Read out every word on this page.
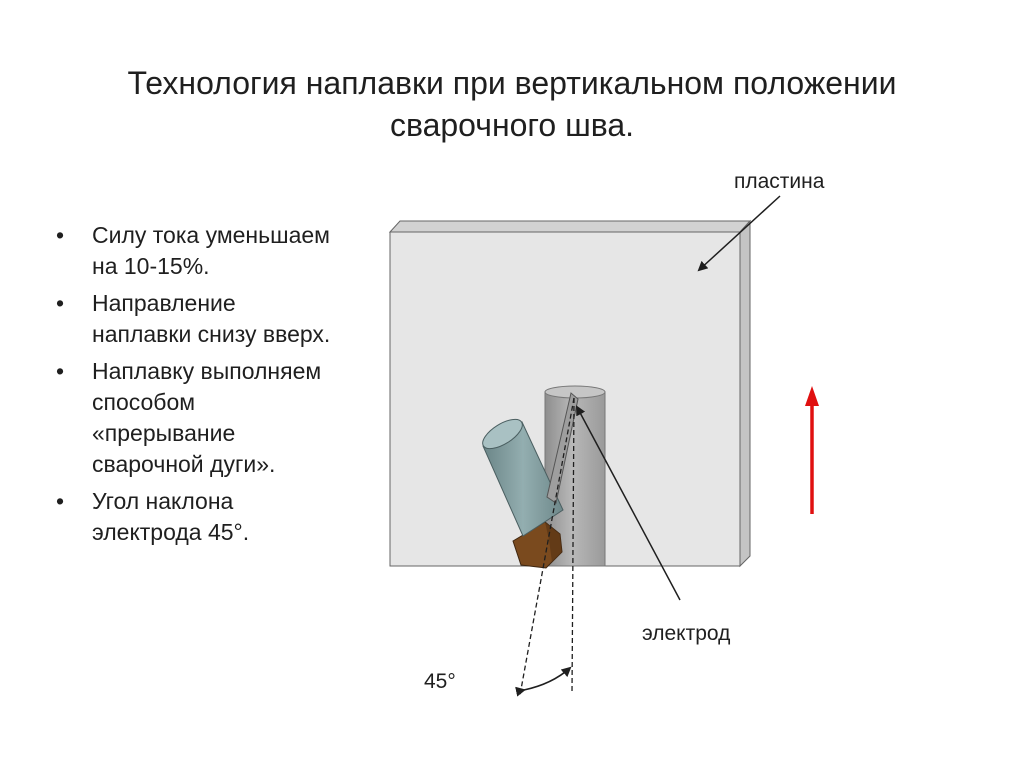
Технология наплавки при вертикальном положении
сварочного шва.
• Силу тока уменьшаем
на 10-15%.
• Направление
наплавки снизу вверх.
• Наплавку выполняем
способом
«прерывание
сварочной дуги».
• Угол наклона
электрода 45°.
пластина
электрод
45°
